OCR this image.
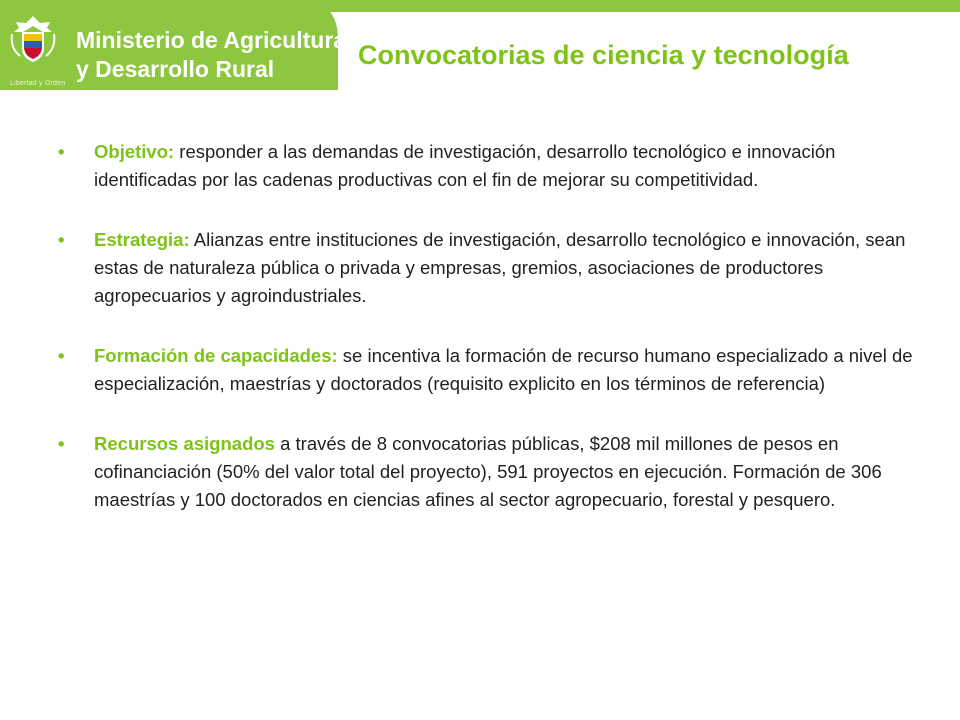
Libertad y Orden
Ministerio de Agricultura
y Desarrollo Rural	Convocatorias de ciencia y tecnología
• Objetivo: responder a las demandas de investigación, desarrollo tecnológico e innovación identificadas por las cadenas productivas con el fin de mejorar su competitividad.
• Estrategia: Alianzas entre instituciones de investigación, desarrollo tecnológico e innovación, sean estas de naturaleza pública o privada y empresas, gremios, asociaciones de productores agropecuarios y agroindustriales.
• Formación de capacidades: se incentiva la formación de recurso humano especializado a nivel de especialización, maestrías y doctorados (requisito explicito en los términos de referencia)
• Recursos asignados a través de 8 convocatorias públicas, $208 mil millones de pesos en cofinanciación (50% del valor total del proyecto), 591 proyectos en ejecución. Formación de 306 maestrías y 100 doctorados en ciencias afines al sector agropecuario, forestal y pesquero.
